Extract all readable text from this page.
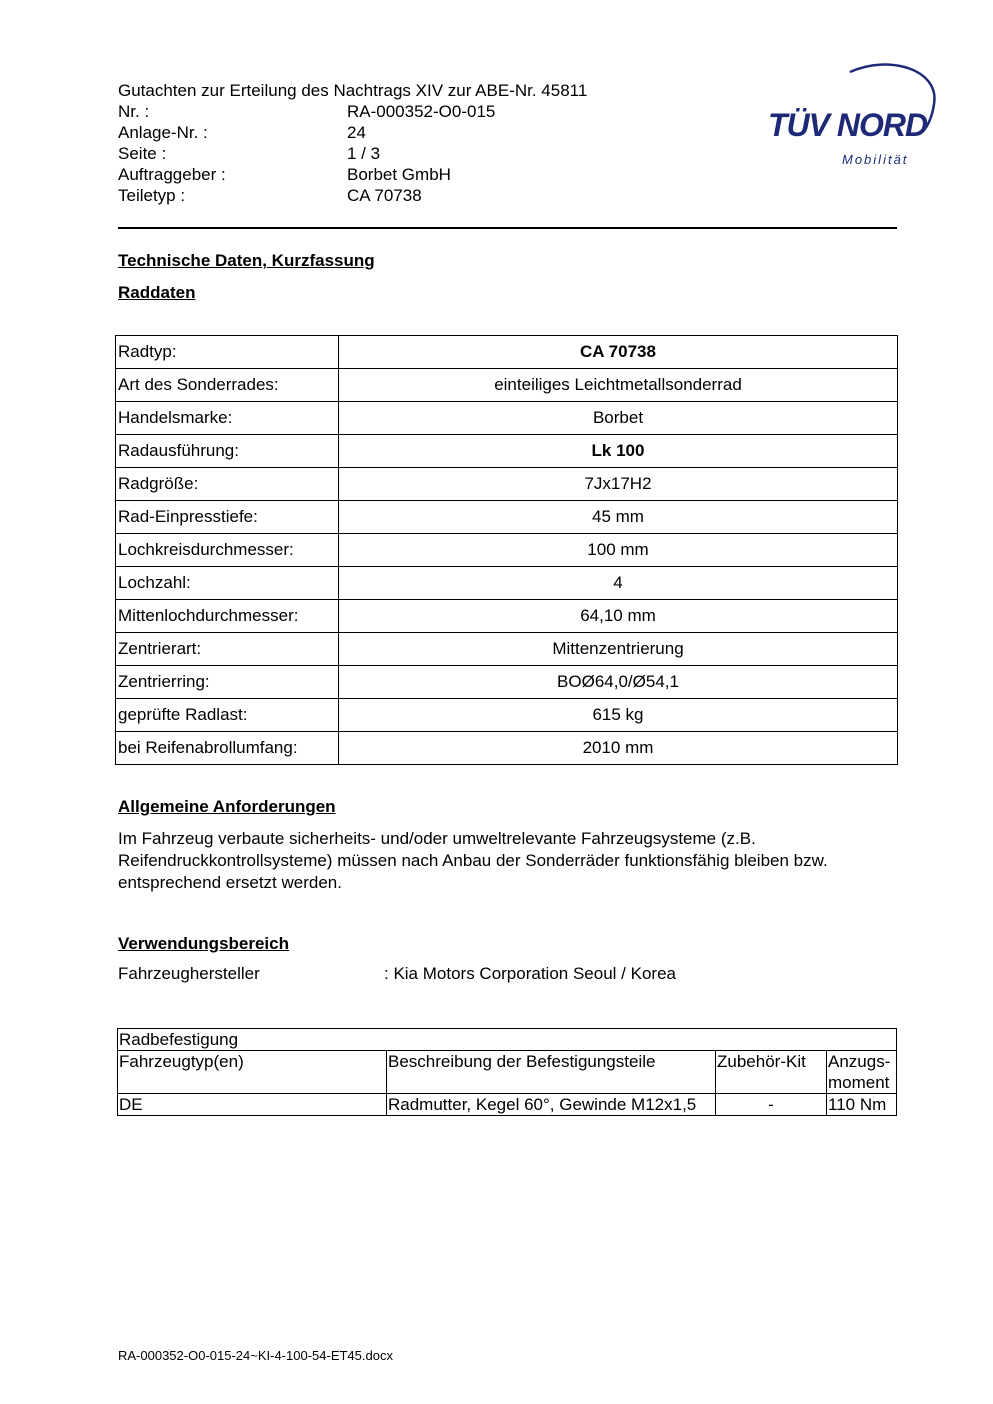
Gutachten zur Erteilung des Nachtrags XIV zur ABE-Nr. 45811
Nr. :	RA-000352-O0-015
Anlage-Nr. :	24
Seite :	1 / 3
Auftraggeber :	Borbet GmbH
Teiletyp :	CA 70738
TÜV NORD
Mobilität
Technische Daten, Kurzfassung
Raddaten
Radtyp:	CA 70738
Art des Sonderrades:	einteiliges Leichtmetallsonderrad
Handelsmarke:	Borbet
Radausführung:	Lk 100
Radgröße:	7Jx17H2
Rad-Einpresstiefe:	45 mm
Lochkreisdurchmesser:	100 mm
Lochzahl:	4
Mittenlochdurchmesser:	64,10 mm
Zentrierart:	Mittenzentrierung
Zentrierring:	BOØ64,0/Ø54,1
geprüfte Radlast:	615 kg
bei Reifenabrollumfang:	2010 mm
Allgemeine Anforderungen
Im Fahrzeug verbaute sicherheits- und/oder umweltrelevante Fahrzeugsysteme (z.B. Reifendruckkontrollsysteme) müssen nach Anbau der Sonderräder funktionsfähig bleiben bzw. entsprechend ersetzt werden.
Verwendungsbereich
Fahrzeughersteller	: Kia Motors Corporation Seoul / Korea
Radbefestigung			
Fahrzeugtyp(en)	Beschreibung der Befestigungsteile	Zubehör-Kit	Anzugs-moment
DE	Radmutter, Kegel 60°, Gewinde M12x1,5	-	110 Nm
RA-000352-O0-015-24~KI-4-100-54-ET45.docx
